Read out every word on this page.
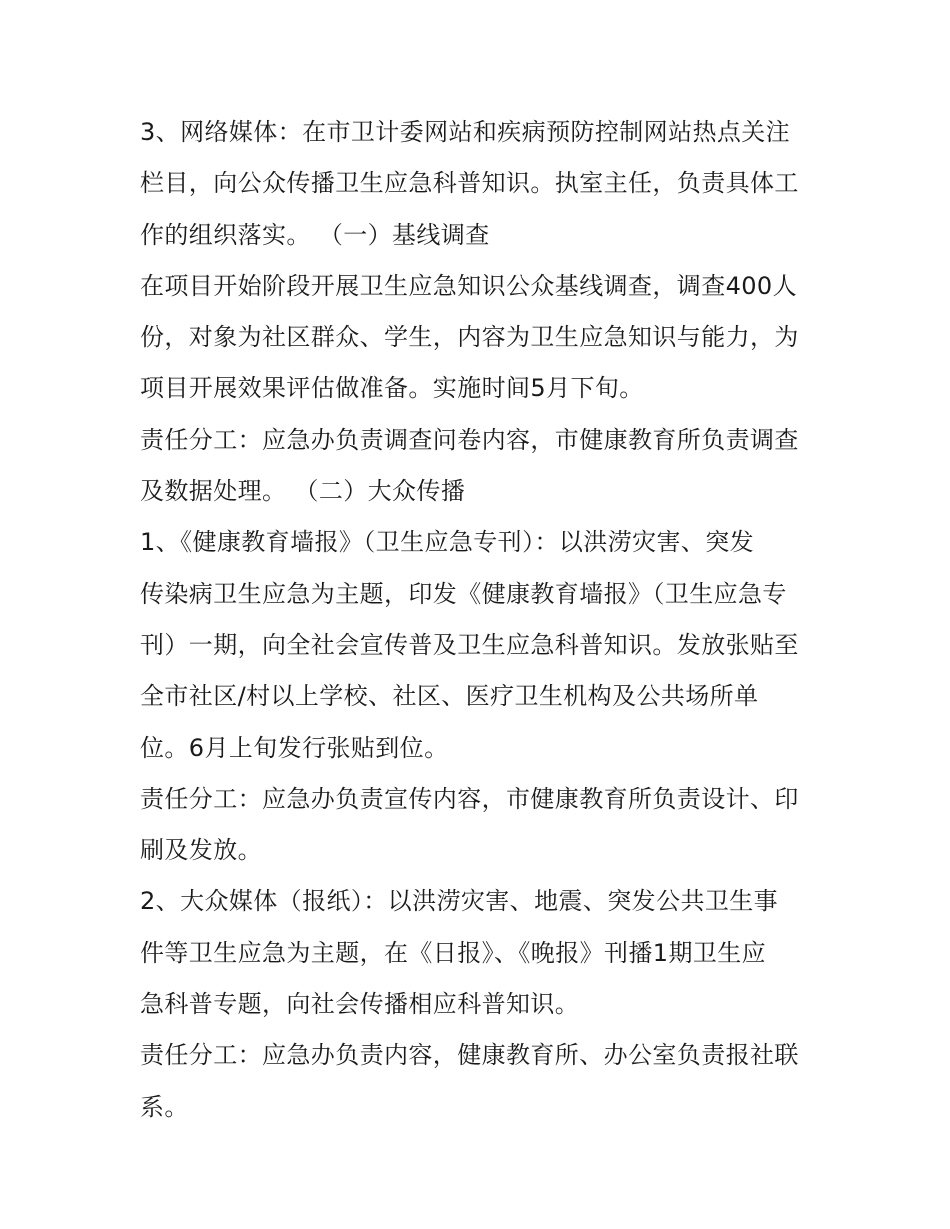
3、网络媒体：在市卫计委网站和疾病预防控制网站热点关注
栏目，向公众传播卫生应急科普知识。执室主任，负责具体工
作的组织落实。 （一）基线调查
在项目开始阶段开展卫生应急知识公众基线调查，调查400人
份，对象为社区群众、学生，内容为卫生应急知识与能力，为
项目开展效果评估做准备。实施时间5月下旬。
责任分工：应急办负责调查问卷内容，市健康教育所负责调查
及数据处理。 （二）大众传播
1、《健康教育墙报》（卫生应急专刊）：以洪涝灾害、突发
传染病卫生应急为主题，印发《健康教育墙报》（卫生应急专
刊）一期，向全社会宣传普及卫生应急科普知识。发放张贴至
全市社区/村以上学校、社区、医疗卫生机构及公共场所单
位。6月上旬发行张贴到位。
责任分工：应急办负责宣传内容，市健康教育所负责设计、印
刷及发放。
2、大众媒体（报纸）：以洪涝灾害、地震、突发公共卫生事
件等卫生应急为主题，在《日报》、《晚报》刊播1期卫生应
急科普专题，向社会传播相应科普知识。
责任分工：应急办负责内容，健康教育所、办公室负责报社联
系。
